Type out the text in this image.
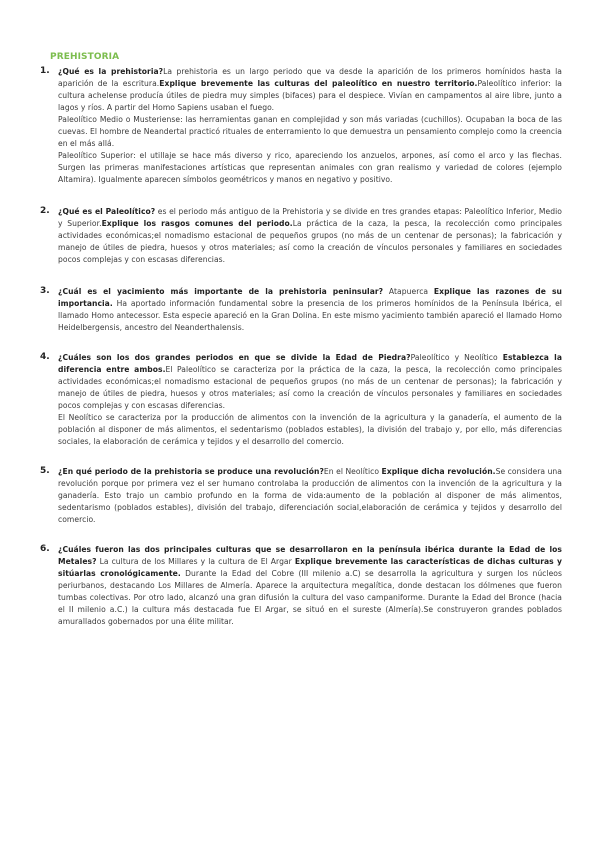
PREHISTORIA
1. ¿Qué es la prehistoria?La prehistoria es un largo periodo que va desde la aparición de los primeros homínidos hasta la aparición de la escritura.Explique brevemente las culturas del paleolítico en nuestro territorio.Paleolítico inferior: la cultura achelense producía útiles de piedra muy simples (bifaces) para el despiece. Vivían en campamentos al aire libre, junto a lagos y ríos. A partir del Homo Sapiens usaban el fuego.

Paleolítico Medio o Musteriense: las herramientas ganan en complejidad y son más variadas (cuchillos). Ocupaban la boca de las cuevas. El hombre de Neandertal practicó rituales de enterramiento lo que demuestra un pensamiento complejo como la creencia en el más allá.

Paleolítico Superior: el utillaje se hace más diverso y rico, apareciendo los anzuelos, arpones, así como el arco y las flechas. Surgen las primeras manifestaciones artísticas que representan animales con gran realismo y variedad de colores (ejemplo Altamira). Igualmente aparecen símbolos geométricos y manos en negativo y positivo.

2. ¿Qué es el Paleolítico? es el periodo más antiguo de la Prehistoria y se divide en tres grandes etapas: Paleolítico Inferior, Medio y Superior.Explique los rasgos comunes del periodo.La práctica de la caza, la pesca, la recolección como principales actividades económicas;el nomadismo estacional de pequeños grupos (no más de un centenar de personas); la fabricación y manejo de útiles de piedra, huesos y otros materiales; así como la creación de vínculos personales y familiares en sociedades pocos complejas y con escasas diferencias.

3. ¿Cuál es el yacimiento más importante de la prehistoria peninsular? Atapuerca Explique las razones de su importancia. Ha aportado información fundamental sobre la presencia de los primeros homínidos de la Península Ibérica, el llamado Homo antecessor. Esta especie apareció en la Gran Dolina. En este mismo yacimiento también apareció el llamado Homo Heidelbergensis, ancestro del Neanderthalensis.

4. ¿Cuáles son los dos grandes periodos en que se divide la Edad de Piedra?Paleolítico y Neolítico Establezca la diferencia entre ambos.El Paleolítico se caracteriza por la práctica de la caza, la pesca, la recolección como principales actividades económicas;el nomadismo estacional de pequeños grupos (no más de un centenar de personas); la fabricación y manejo de útiles de piedra, huesos y otros materiales; así como la creación de vínculos personales y familiares en sociedades pocos complejas y con escasas diferencias.

El Neolítico se caracteriza por la producción de alimentos con la invención de la agricultura y la ganadería, el aumento de la población al disponer de más alimentos, el sedentarismo (poblados estables), la división del trabajo y, por ello, más diferencias sociales, la elaboración de cerámica y tejidos y el desarrollo del comercio.

5. ¿En qué periodo de la prehistoria se produce una revolución?En el Neolítico Explique dicha revolución.Se considera una revolución porque por primera vez el ser humano controlaba la producción de alimentos con la invención de la agricultura y la ganadería. Esto trajo un cambio profundo en la forma de vida:aumento de la población al disponer de más alimentos, sedentarismo (poblados estables), división del trabajo, diferenciación social,elaboración de cerámica y tejidos y desarrollo del comercio.

6. ¿Cuáles fueron las dos principales culturas que se desarrollaron en la península ibérica durante la Edad de los Metales? La cultura de los Millares y la cultura de El Argar Explique brevemente las características de dichas culturas y sitúarlas cronológicamente. Durante la Edad del Cobre (III milenio a.C) se desarrolla la agricultura y surgen los núcleos periurbanos, destacando Los Millares de Almería. Aparece la arquitectura megalítica, donde destacan los dólmenes que fueron tumbas colectivas. Por otro lado, alcanzó una gran difusión la cultura del vaso campaniforme. Durante la Edad del Bronce (hacia el II milenio a.C.) la cultura más destacada fue El Argar, se situó en el sureste (Almería).Se construyeron grandes poblados amurallados gobernados por una élite militar.
